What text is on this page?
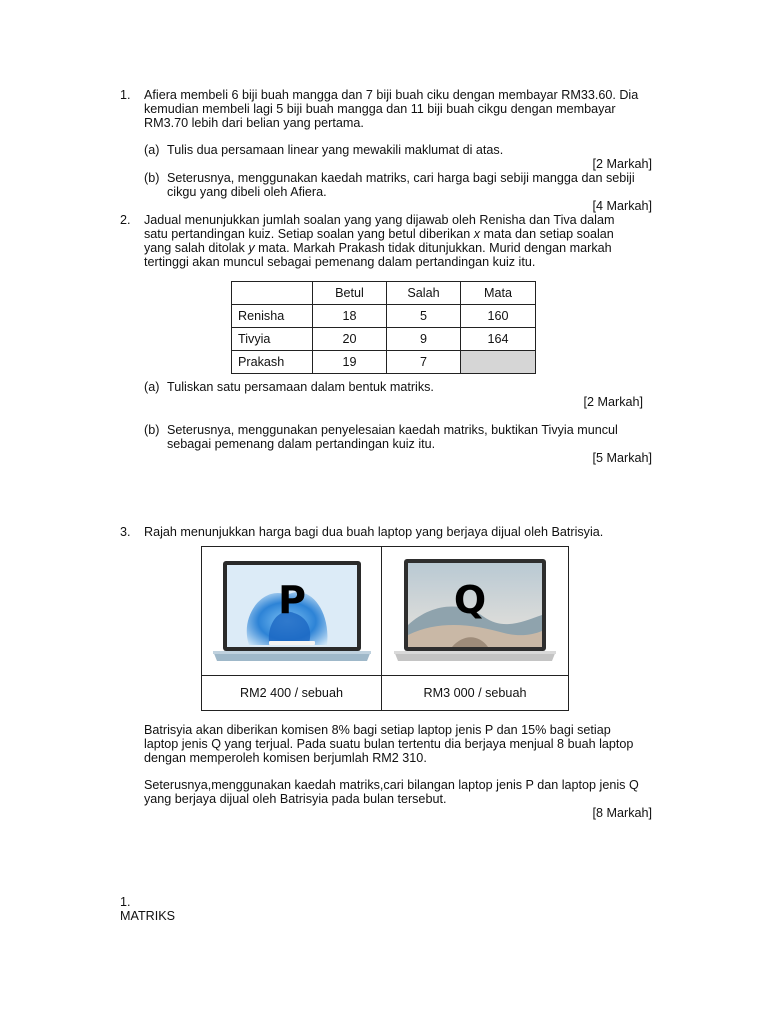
1. Afiera membeli 6 biji buah mangga dan 7 biji buah ciku dengan membayar RM33.60. Dia
kemudian membeli lagi 5 biji buah mangga dan 11 biji buah cikgu dengan membayar
RM3.70 lebih dari belian yang pertama.
(a) Tulis dua persamaan linear yang mewakili maklumat di atas.
[2 Markah]
(b) Seterusnya, menggunakan kaedah matriks, cari harga bagi sebiji mangga dan sebiji
cikgu yang dibeli oleh Afiera.
[4 Markah]
2. Jadual menunjukkan jumlah soalan yang yang dijawab oleh Renisha dan Tiva dalam
satu pertandingan kuiz. Setiap soalan yang betul diberikan x mata dan setiap soalan
yang salah ditolak y mata. Markah Prakash tidak ditunjukkan. Murid dengan markah
tertinggi akan muncul sebagai pemenang dalam pertandingan kuiz itu.
	Betul	Salah	Mata
Renisha	18	5	160
Tivyia	20	9	164
Prakash	19	7	
(a) Tuliskan satu persamaan dalam bentuk matriks.
[2 Markah]
(b) Seterusnya, menggunakan penyelesaian kaedah matriks, buktikan Tivyia muncul
sebagai pemenang dalam pertandingan kuiz itu.
[5 Markah]
3. Rajah menunjukkan harga bagi dua buah laptop yang berjaya dijual oleh Batrisyia.
P	Q

RM2 400 / sebuah	RM3 000 / sebuah
Batrisyia akan diberikan komisen 8% bagi setiap laptop jenis P dan 15% bagi setiap
laptop jenis Q yang terjual. Pada suatu bulan tertentu dia berjaya menjual 8 buah laptop
dengan memperoleh komisen berjumlah RM2 310.
Seterusnya,menggunakan kaedah matriks,cari bilangan laptop jenis P dan laptop jenis Q
yang berjaya dijual oleh Batrisyia pada bulan tersebut.
[8 Markah]
1.
MATRIKS
